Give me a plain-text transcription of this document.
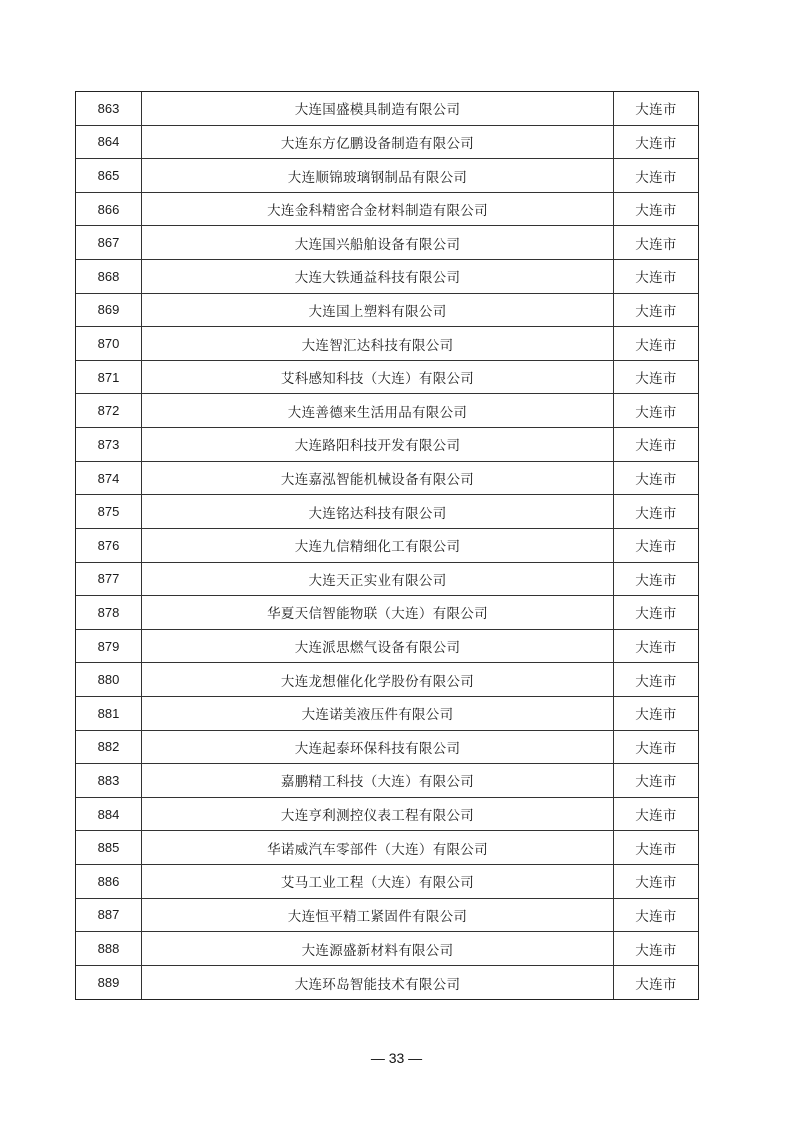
863	大连国盛模具制造有限公司	大连市
864	大连东方亿鹏设备制造有限公司	大连市
865	大连顺锦玻璃钢制品有限公司	大连市
866	大连金科精密合金材料制造有限公司	大连市
867	大连国兴船舶设备有限公司	大连市
868	大连大铁通益科技有限公司	大连市
869	大连国上塑料有限公司	大连市
870	大连智汇达科技有限公司	大连市
871	艾科感知科技（大连）有限公司	大连市
872	大连善德来生活用品有限公司	大连市
873	大连路阳科技开发有限公司	大连市
874	大连嘉泓智能机械设备有限公司	大连市
875	大连铭达科技有限公司	大连市
876	大连九信精细化工有限公司	大连市
877	大连天正实业有限公司	大连市
878	华夏天信智能物联（大连）有限公司	大连市
879	大连派思燃气设备有限公司	大连市
880	大连龙想催化化学股份有限公司	大连市
881	大连诺美液压件有限公司	大连市
882	大连起泰环保科技有限公司	大连市
883	嘉鹏精工科技（大连）有限公司	大连市
884	大连亨利测控仪表工程有限公司	大连市
885	华诺威汽车零部件（大连）有限公司	大连市
886	艾马工业工程（大连）有限公司	大连市
887	大连恒平精工紧固件有限公司	大连市
888	大连源盛新材料有限公司	大连市
889	大连环岛智能技术有限公司	大连市
— 33 —
